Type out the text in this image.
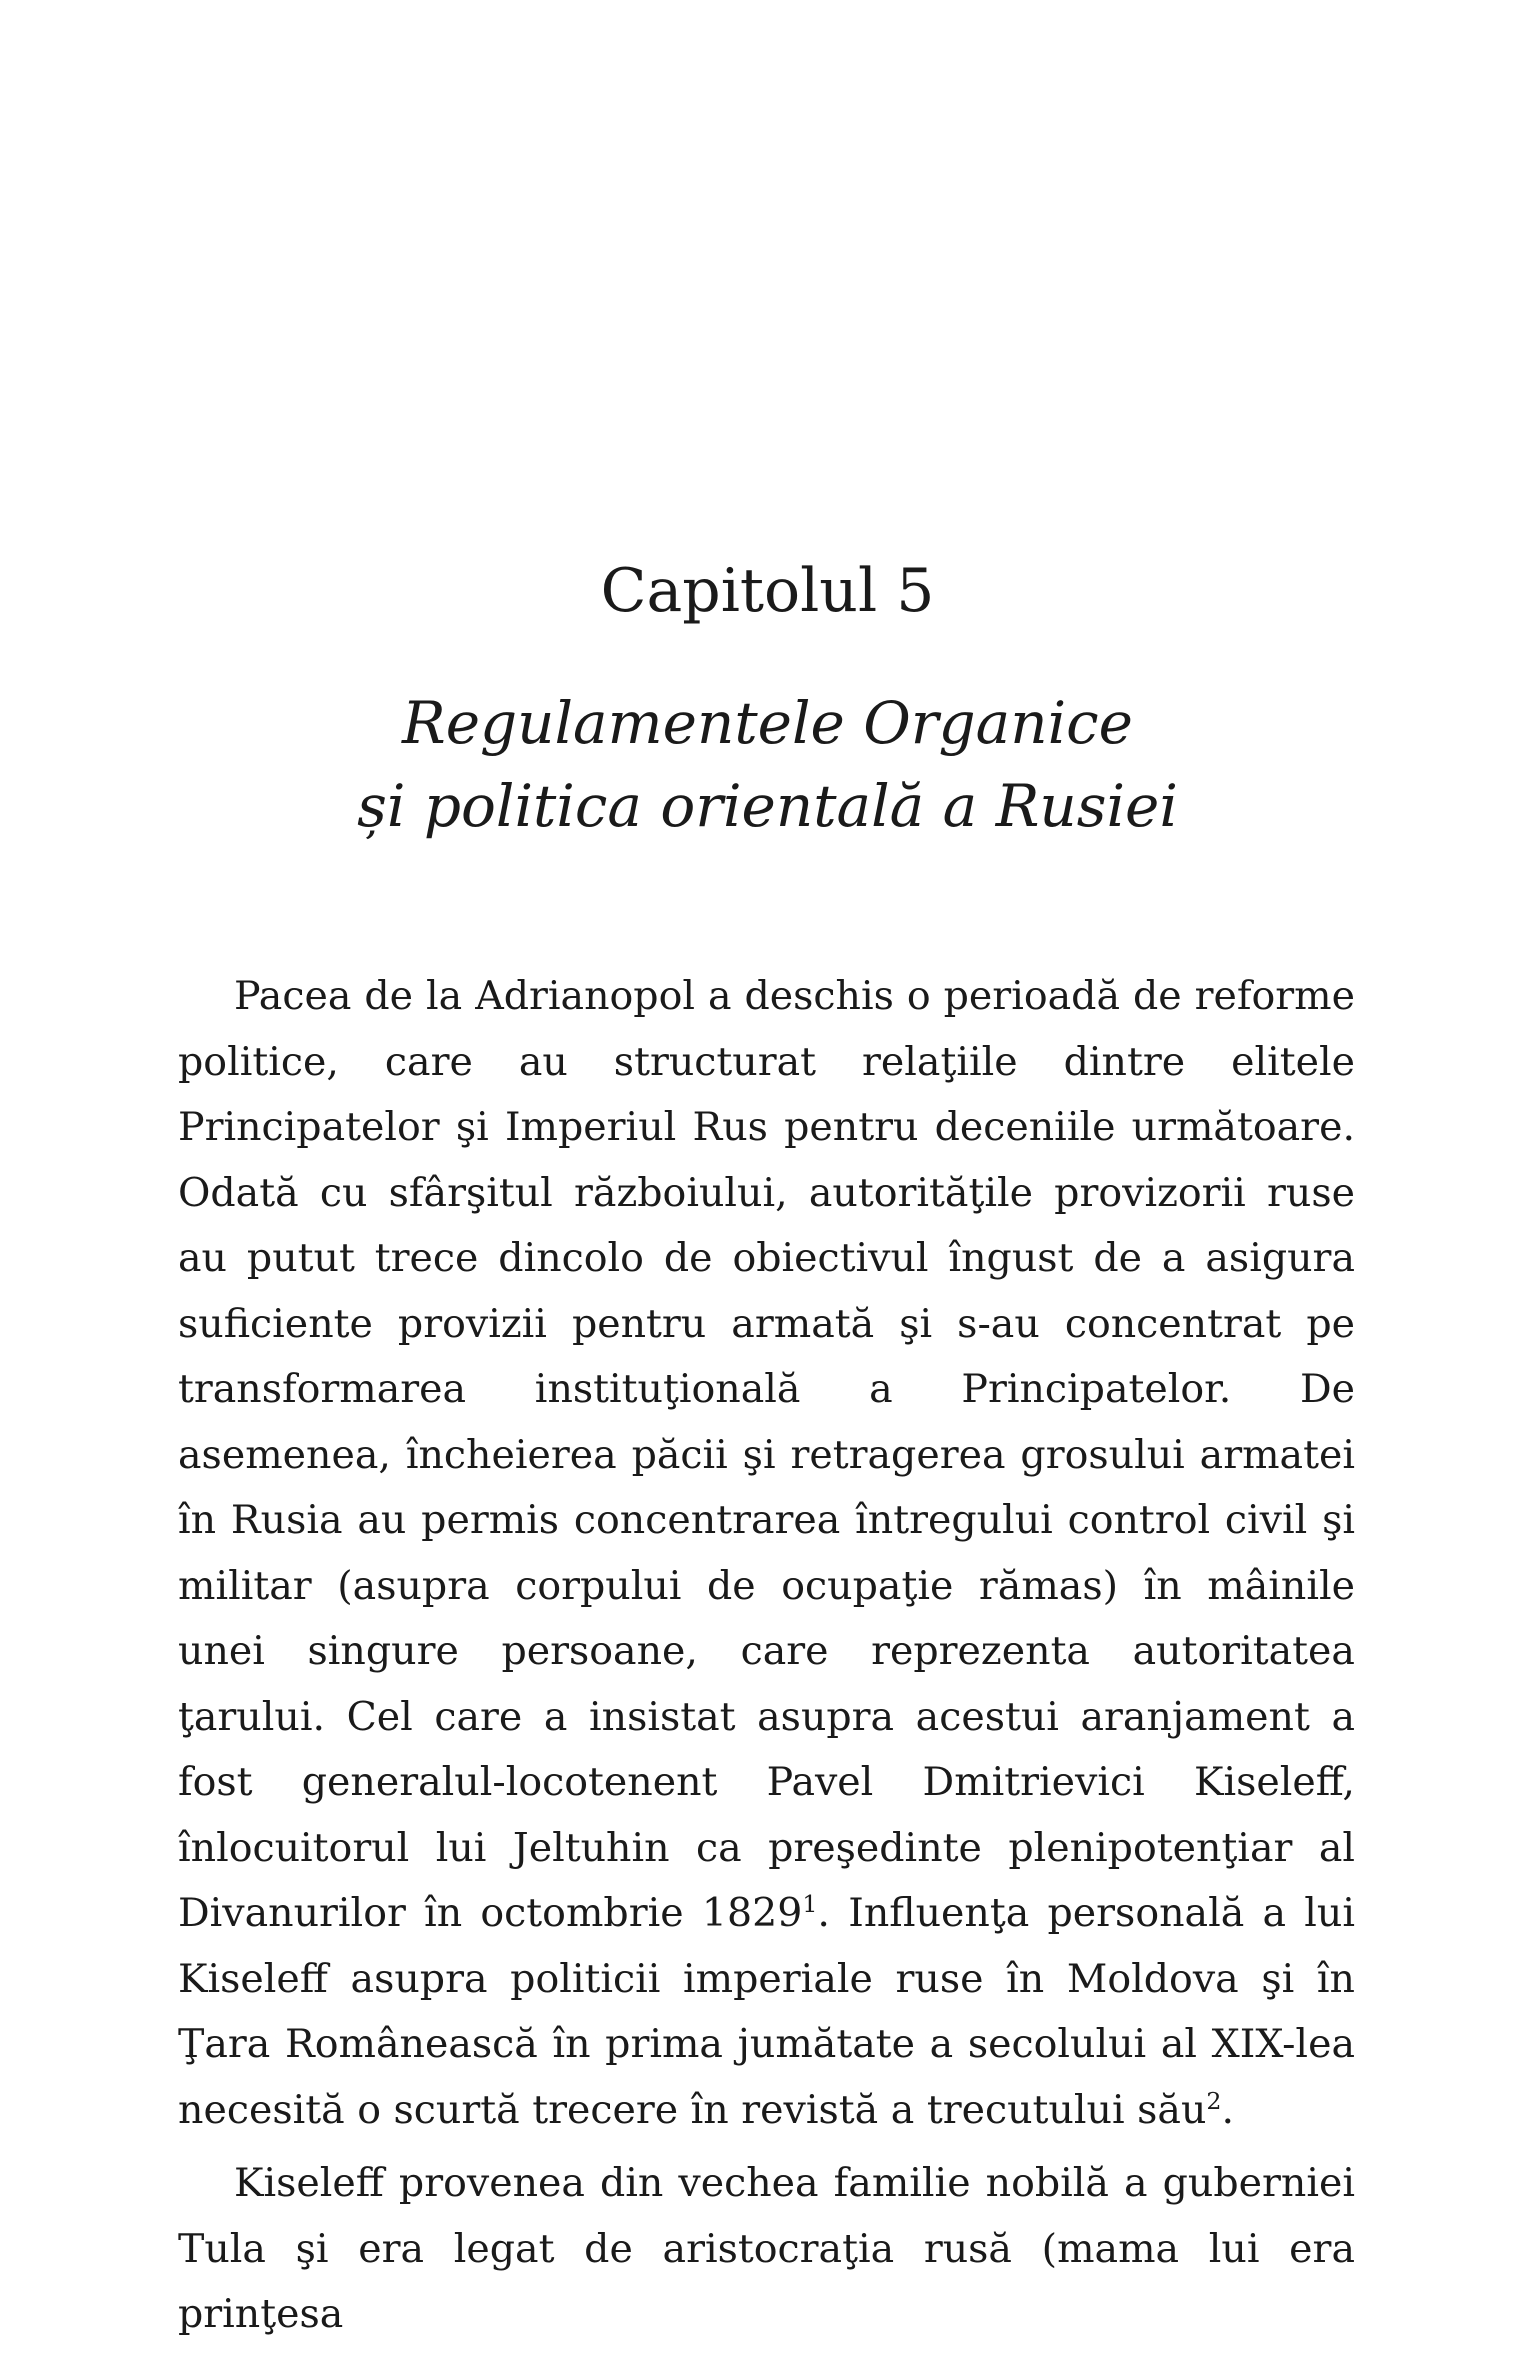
Capitolul 5
Regulamentele Organice
și politica orientală a Rusiei

Pacea de la Adrianopol a deschis o perioadă de reforme politice, care au structurat relaţiile dintre elitele Principatelor şi Imperiul Rus pentru deceniile următoare. Odată cu sfârşitul războiului, autorităţile provizorii ruse au putut trece dincolo de obiectivul îngust de a asigura suficiente provizii pentru armată şi s-au concentrat pe transformarea instituţională a Principatelor. De asemenea, încheierea păcii şi retragerea grosului armatei în Rusia au permis concentrarea întregului control civil şi militar (asupra corpului de ocupaţie rămas) în mâinile unei singure persoane, care reprezenta autoritatea ţarului. Cel care a insistat asupra acestui aranjament a fost generalul-locotenent Pavel Dmitrievici Kiseleff, înlocuitorul lui Jeltuhin ca preşedinte plenipotenţiar al Divanurilor în octombrie 1829$^1$. Influenţa personală a lui Kiseleff asupra politicii imperiale ruse în Moldova şi în Ţara Românească în prima jumătate a secolului al XIX-lea necesită o scurtă trecere în revistă a trecutului său$^2$.

Kiseleff provenea din vechea familie nobilă a guberniei Tula şi era legat de aristocraţia rusă (mama lui era prinţesa
